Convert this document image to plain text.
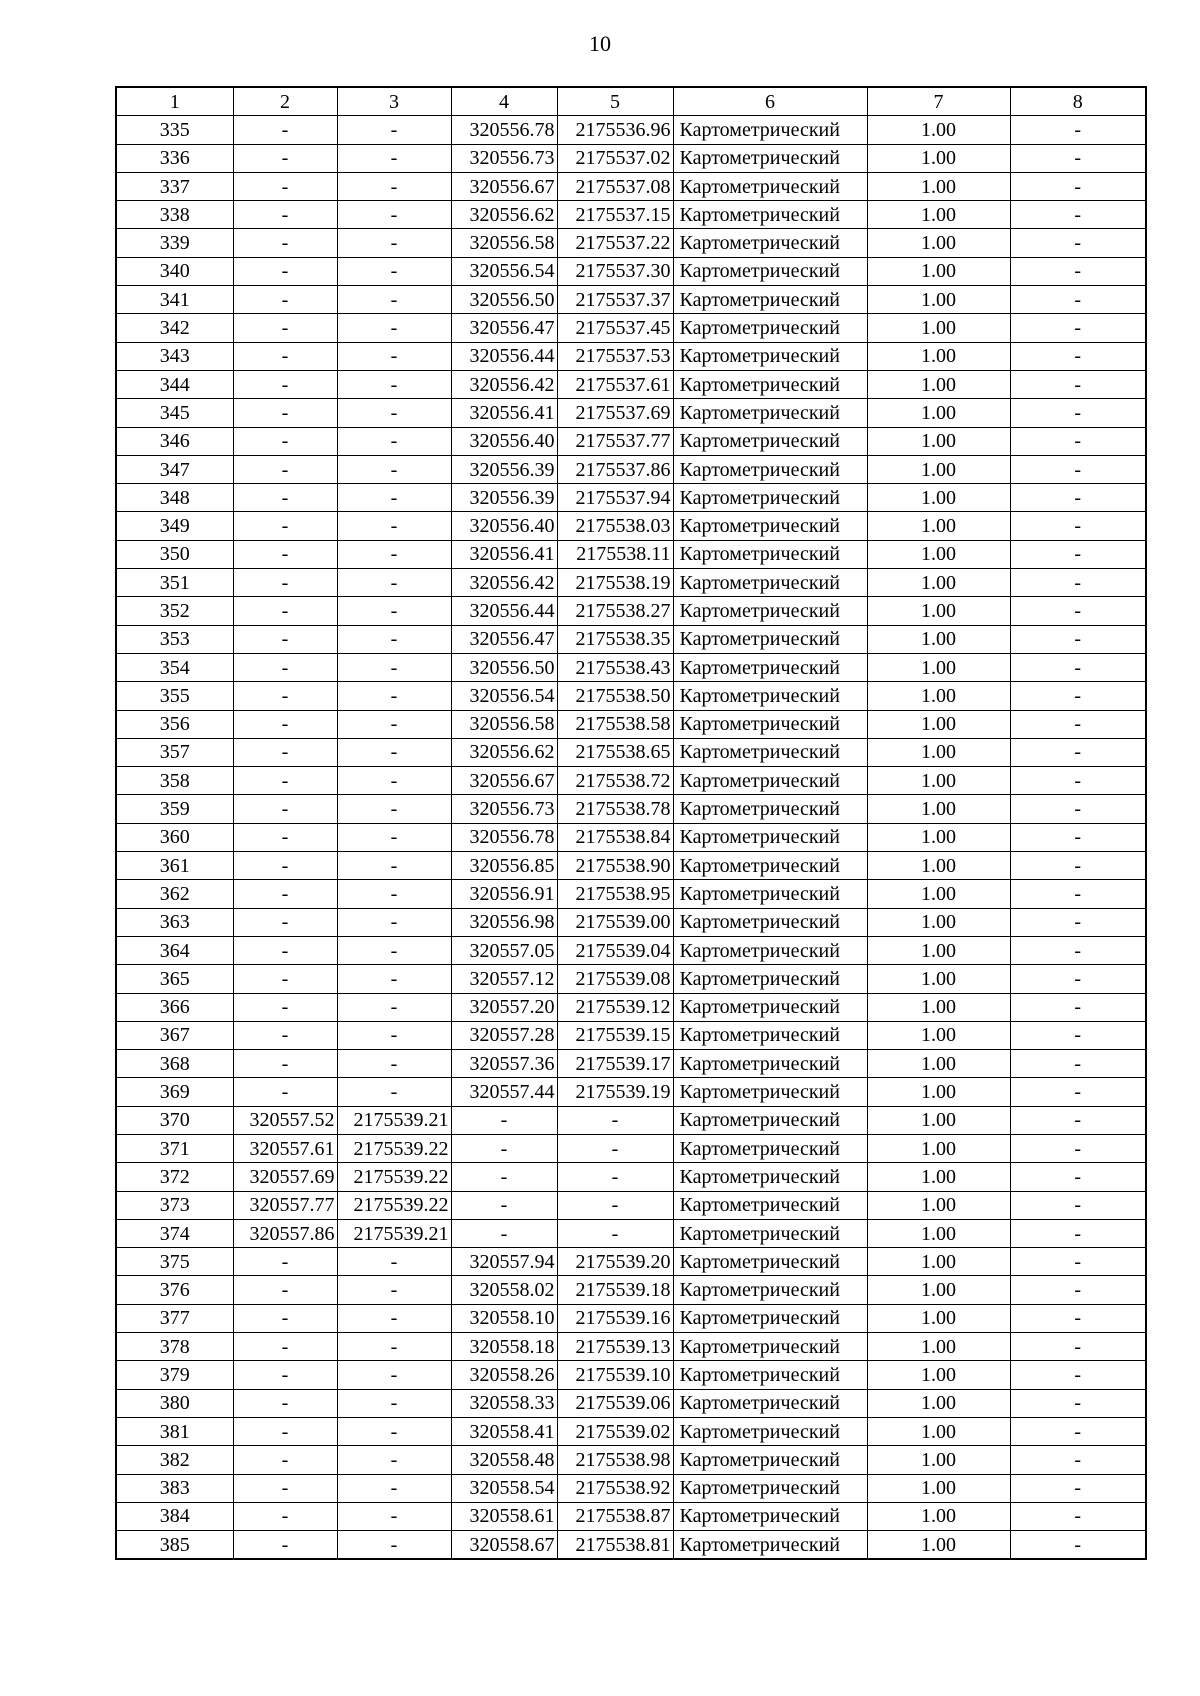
10
1	2	3	4	5	6	7	8
335	-	-	320556.78	2175536.96	Картометрический	1.00	-
336	-	-	320556.73	2175537.02	Картометрический	1.00	-
337	-	-	320556.67	2175537.08	Картометрический	1.00	-
338	-	-	320556.62	2175537.15	Картометрический	1.00	-
339	-	-	320556.58	2175537.22	Картометрический	1.00	-
340	-	-	320556.54	2175537.30	Картометрический	1.00	-
341	-	-	320556.50	2175537.37	Картометрический	1.00	-
342	-	-	320556.47	2175537.45	Картометрический	1.00	-
343	-	-	320556.44	2175537.53	Картометрический	1.00	-
344	-	-	320556.42	2175537.61	Картометрический	1.00	-
345	-	-	320556.41	2175537.69	Картометрический	1.00	-
346	-	-	320556.40	2175537.77	Картометрический	1.00	-
347	-	-	320556.39	2175537.86	Картометрический	1.00	-
348	-	-	320556.39	2175537.94	Картометрический	1.00	-
349	-	-	320556.40	2175538.03	Картометрический	1.00	-
350	-	-	320556.41	2175538.11	Картометрический	1.00	-
351	-	-	320556.42	2175538.19	Картометрический	1.00	-
352	-	-	320556.44	2175538.27	Картометрический	1.00	-
353	-	-	320556.47	2175538.35	Картометрический	1.00	-
354	-	-	320556.50	2175538.43	Картометрический	1.00	-
355	-	-	320556.54	2175538.50	Картометрический	1.00	-
356	-	-	320556.58	2175538.58	Картометрический	1.00	-
357	-	-	320556.62	2175538.65	Картометрический	1.00	-
358	-	-	320556.67	2175538.72	Картометрический	1.00	-
359	-	-	320556.73	2175538.78	Картометрический	1.00	-
360	-	-	320556.78	2175538.84	Картометрический	1.00	-
361	-	-	320556.85	2175538.90	Картометрический	1.00	-
362	-	-	320556.91	2175538.95	Картометрический	1.00	-
363	-	-	320556.98	2175539.00	Картометрический	1.00	-
364	-	-	320557.05	2175539.04	Картометрический	1.00	-
365	-	-	320557.12	2175539.08	Картометрический	1.00	-
366	-	-	320557.20	2175539.12	Картометрический	1.00	-
367	-	-	320557.28	2175539.15	Картометрический	1.00	-
368	-	-	320557.36	2175539.17	Картометрический	1.00	-
369	-	-	320557.44	2175539.19	Картометрический	1.00	-
370	320557.52	2175539.21	-	-	Картометрический	1.00	-
371	320557.61	2175539.22	-	-	Картометрический	1.00	-
372	320557.69	2175539.22	-	-	Картометрический	1.00	-
373	320557.77	2175539.22	-	-	Картометрический	1.00	-
374	320557.86	2175539.21	-	-	Картометрический	1.00	-
375	-	-	320557.94	2175539.20	Картометрический	1.00	-
376	-	-	320558.02	2175539.18	Картометрический	1.00	-
377	-	-	320558.10	2175539.16	Картометрический	1.00	-
378	-	-	320558.18	2175539.13	Картометрический	1.00	-
379	-	-	320558.26	2175539.10	Картометрический	1.00	-
380	-	-	320558.33	2175539.06	Картометрический	1.00	-
381	-	-	320558.41	2175539.02	Картометрический	1.00	-
382	-	-	320558.48	2175538.98	Картометрический	1.00	-
383	-	-	320558.54	2175538.92	Картометрический	1.00	-
384	-	-	320558.61	2175538.87	Картометрический	1.00	-
385	-	-	320558.67	2175538.81	Картометрический	1.00	-
